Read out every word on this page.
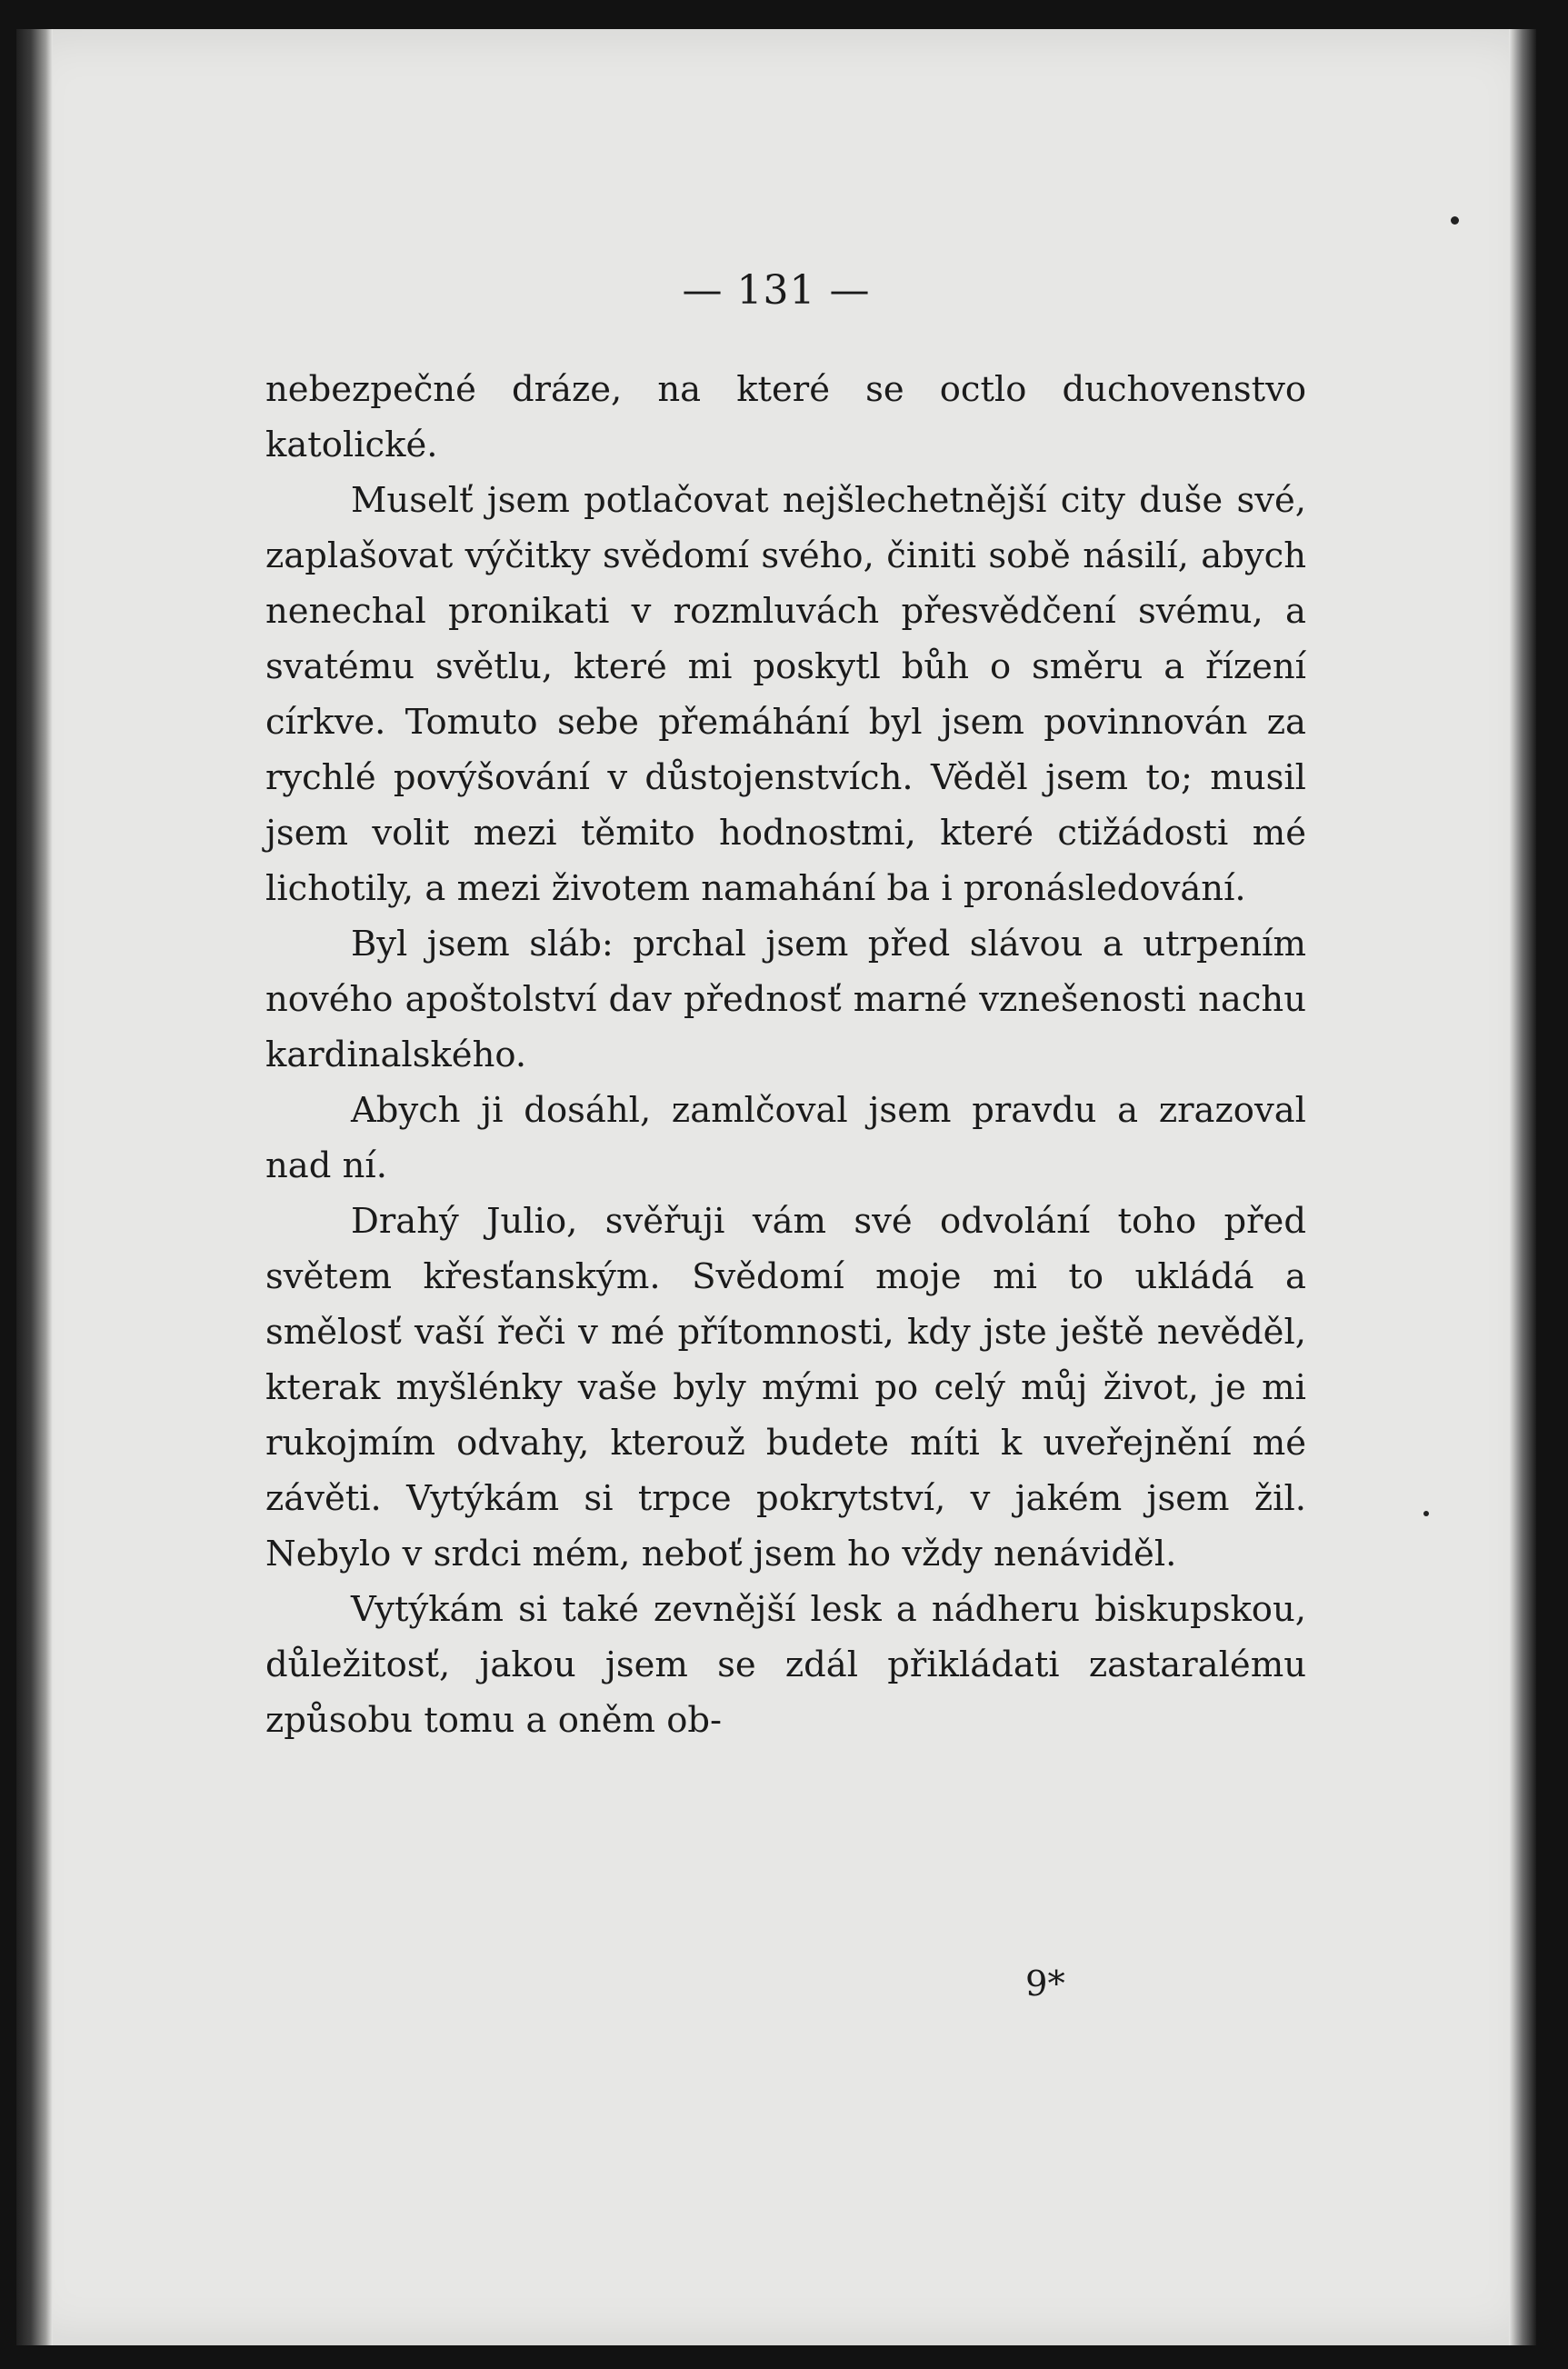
— 131 —

nebezpečné dráze, na které se octlo duchovenstvo katolické.

Muselť jsem potlačovat nejšlechetnější city duše své, zaplašovat výčitky svědomí svého, činiti sobě násilí, abych nenechal pronikati v rozmluvách přesvědčení svému, a svatému světlu, které mi poskytl bůh o směru a řízení církve. Tomuto sebe přemáhání byl jsem povinnován za rychlé povýšování v důstojenstvích. Věděl jsem to; musil jsem volit mezi těmito hodnostmi, které ctižádosti mé lichotily, a mezi životem namahání ba i pronásledování.

Byl jsem sláb: prchal jsem před slávou a utrpením nového apoštolství dav přednosť marné vznešenosti nachu kardinalského.

Abych ji dosáhl, zamlčoval jsem pravdu a zrazoval nad ní.

Drahý Julio, svěřuji vám své odvolání toho před světem křesťanským. Svědomí moje mi to ukládá a smělosť vaší řeči v mé přítomnosti, kdy jste ještě nevěděl, kterak myšlénky vaše byly mými po celý můj život, je mi rukojmím odvahy, kterouž budete míti k uveřejnění mé závěti. Vytýkám si trpce pokrytství, v jakém jsem žil. Nebylo v srdci mém, neboť jsem ho vždy nenáviděl.

Vytýkám si také zevnější lesk a nádheru biskupskou, důležitosť, jakou jsem se zdál přikládati zastaralému způsobu tomu a oněm ob-

9*
